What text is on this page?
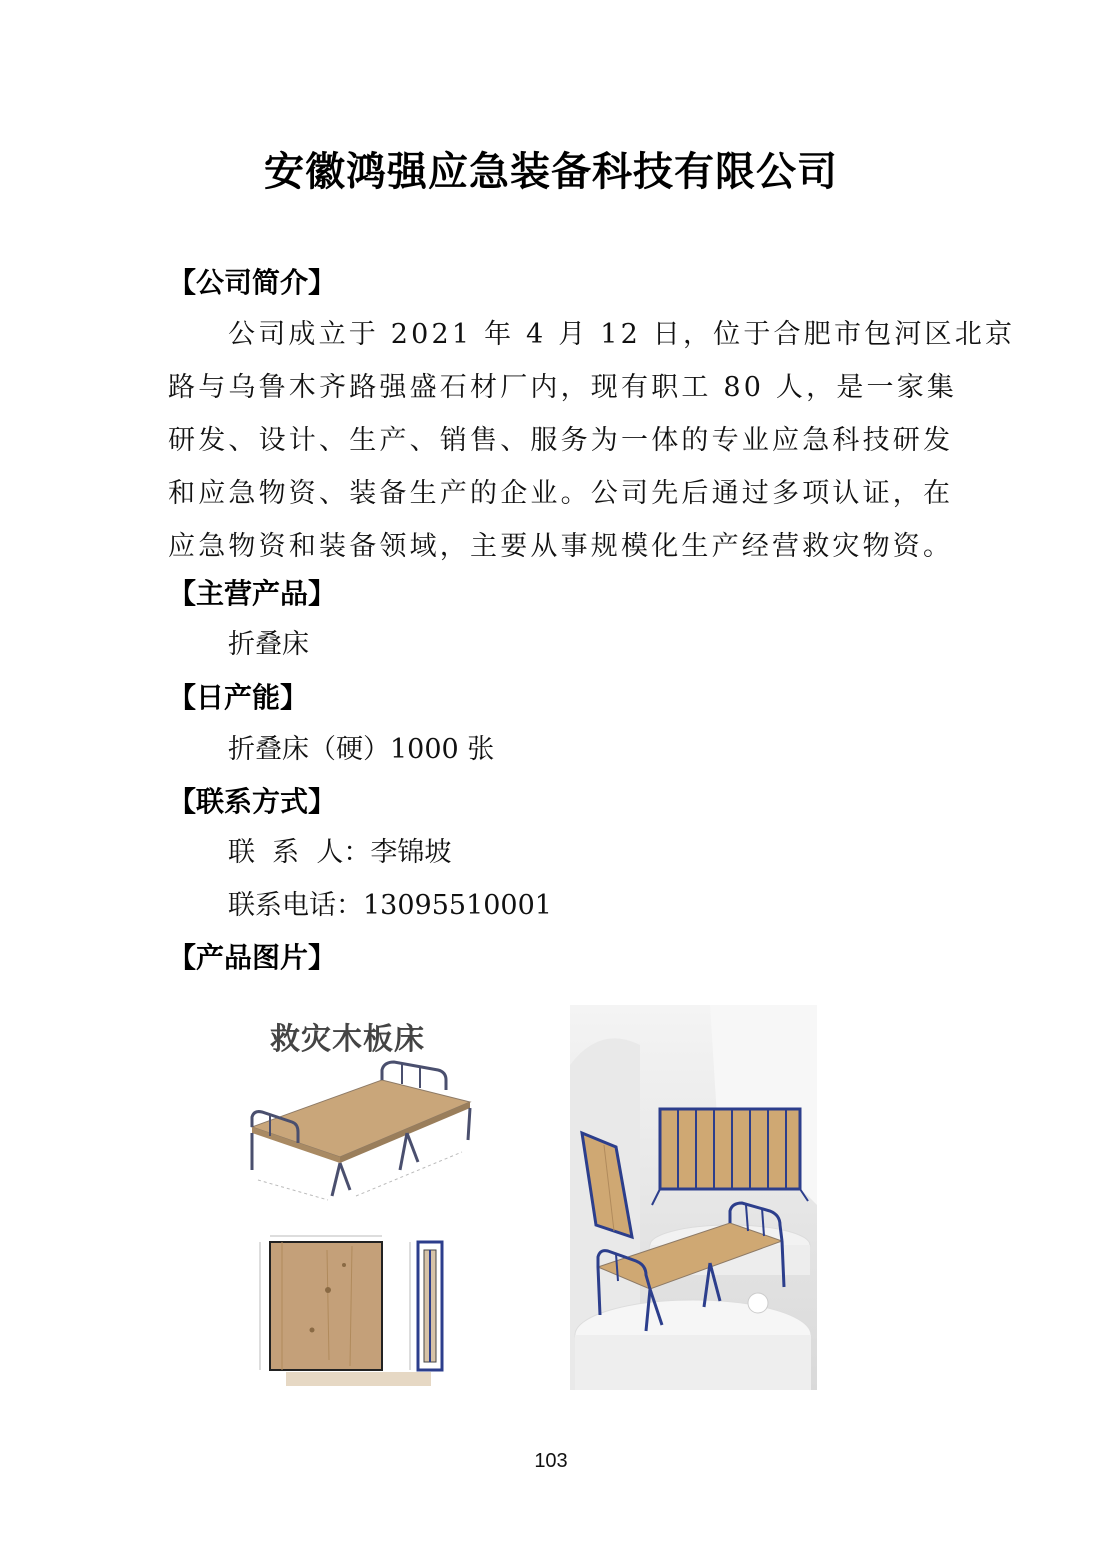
安徽鸿强应急装备科技有限公司
【公司简介】
公司成立于 2021 年 4 月 12 日，位于合肥市包河区北京
路与乌鲁木齐路强盛石材厂内，现有职工 80 人，是一家集
研发、设计、生产、销售、服务为一体的专业应急科技研发
和应急物资、装备生产的企业。公司先后通过多项认证，在
应急物资和装备领域，主要从事规模化生产经营救灾物资。
【主营产品】
折叠床
【日产能】
折叠床（硬）1000 张
【联系方式】
联  系  人：李锦坡
联系电话：13095510001
【产品图片】
救灾木板床
103
